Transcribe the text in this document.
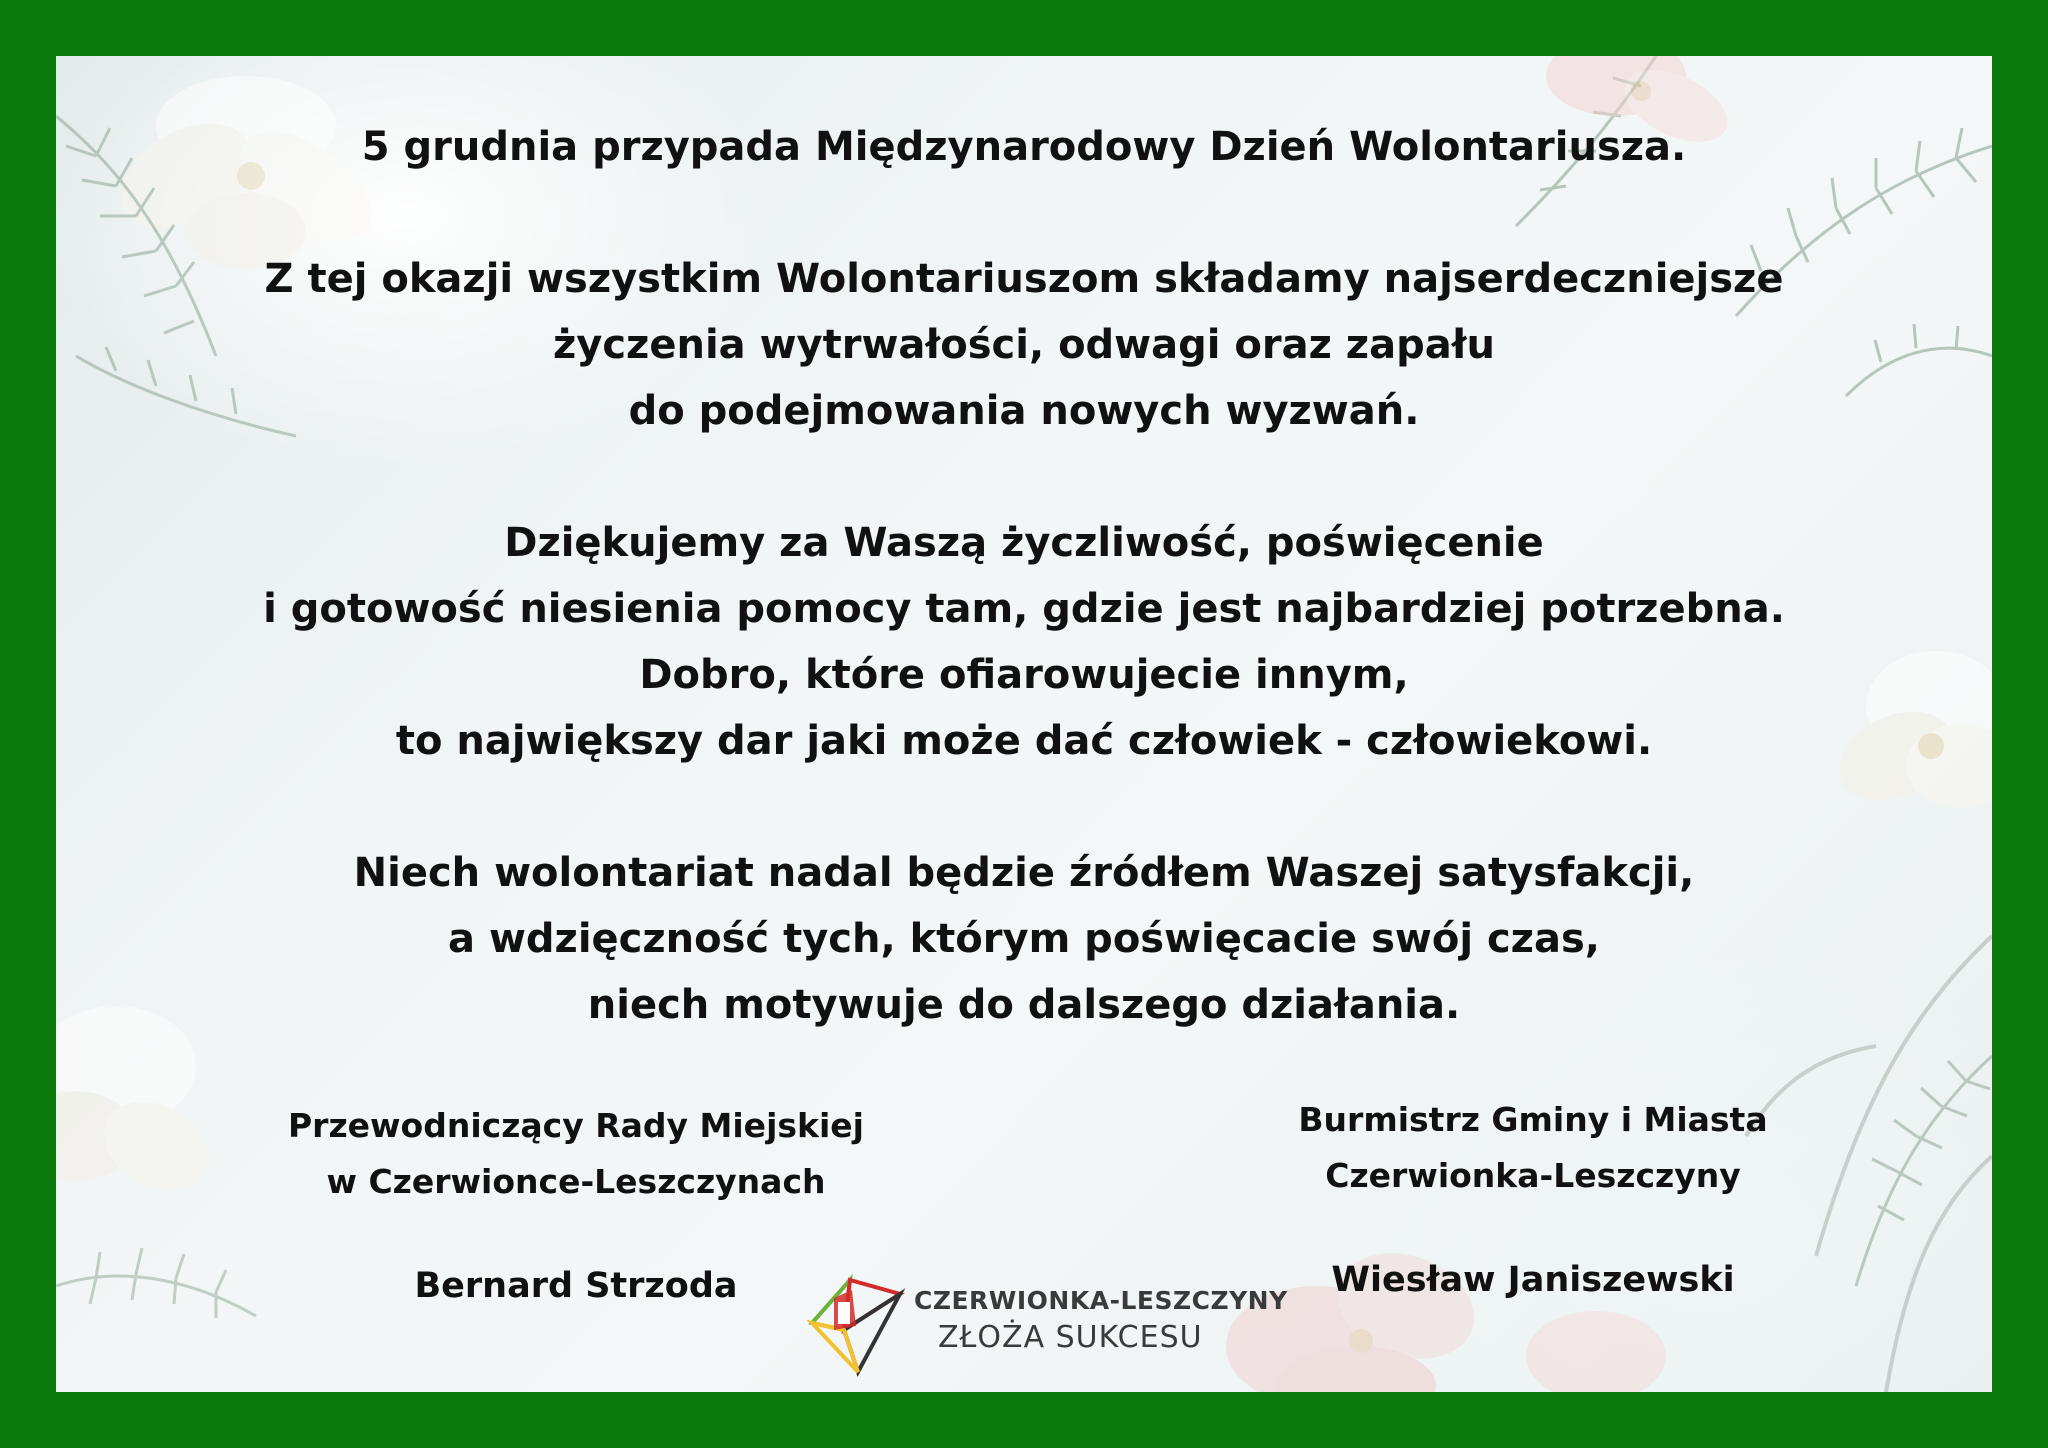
5 grudnia przypada Międzynarodowy Dzień Wolontariusza.

Z tej okazji wszystkim Wolontariuszom składamy najserdeczniejsze

życzenia wytrwałości, odwagi oraz zapału

do podejmowania nowych wyzwań.

Dziękujemy za Waszą życzliwość, poświęcenie

i gotowość niesienia pomocy tam, gdzie jest najbardziej potrzebna.

Dobro, które ofiarowujecie innym,

to największy dar jaki może dać człowiek - człowiekowi.

Niech wolontariat nadal będzie źródłem Waszej satysfakcji,

a wdzięczność tych, którym poświęcacie swój czas,

niech motywuje do dalszego działania.

Przewodniczący Rady Miejskiej
w Czerwionce-Leszczynach
Bernard Strzoda
Burmistrz Gminy i Miasta
Czerwionka-Leszczyny
Wiesław Janiszewski
CZERWIONKA-LESZCZYNY
ZŁOŻA SUKCESU
